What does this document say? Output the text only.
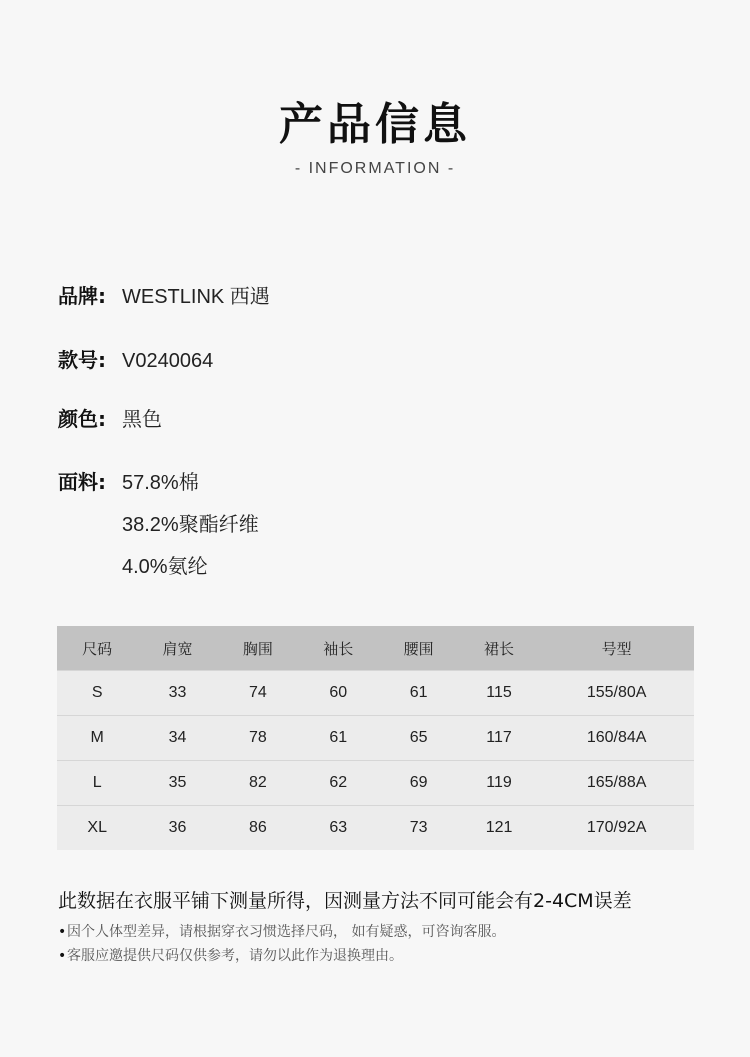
产品信息
- INFORMATION -
品牌: WESTLINK 西遇
款号: V0240064
颜色: 黑色
面料: 57.8%棉
38.2%聚酯纤维
4.0%氨纶
尺码	肩宽	胸围	袖长	腰围	裙长	号型
S	33	74	60	61	115	155/80A
M	34	78	61	65	117	160/84A
L	35	82	62	69	119	165/88A
XL	36	86	63	73	121	170/92A
此数据在衣服平铺下测量所得，因测量方法不同可能会有2-4CM误差
•因个人体型差异，请根据穿衣习惯选择尺码， 如有疑惑，可咨询客服。
•客服应邀提供尺码仅供参考，请勿以此作为退换理由。
